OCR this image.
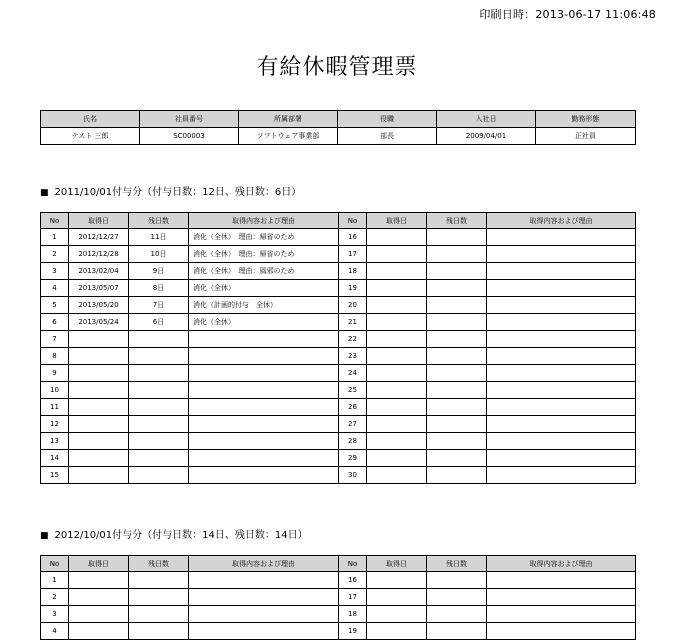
印刷日時：2013-06-17 11:06:48
有給休暇管理票
氏名	社員番号	所属部署	役職	入社日	勤務形態
テスト 三郎	SC00003	ソフトウェア事業部	部長	2009/04/01	正社員
■ 2011/10/01付与分（付与日数：12日、残日数：6日）
No	取得日	残日数	取得内容および理由	No	取得日	残日数	取得内容および理由
1	2012/12/27	11日	消化（全休）　理由：帰省のため	16			
2	2012/12/28	10日	消化（全休）　理由：帰省のため	17			
3	2013/02/04	9日	消化（全休）　理由：風邪のため	18			
4	2013/05/07	8日	消化（全休）	19			
5	2013/05/20	7日	消化（計画的付与　全休）	20			
6	2013/05/24	6日	消化（全休）	21			
7				22			
8				23			
9				24			
10				25			
11				26			
12				27			
13				28			
14				29			
15				30			
■ 2012/10/01付与分（付与日数：14日、残日数：14日）
No	取得日	残日数	取得内容および理由	No	取得日	残日数	取得内容および理由
1				16			
2				17			
3				18			
4				19			
